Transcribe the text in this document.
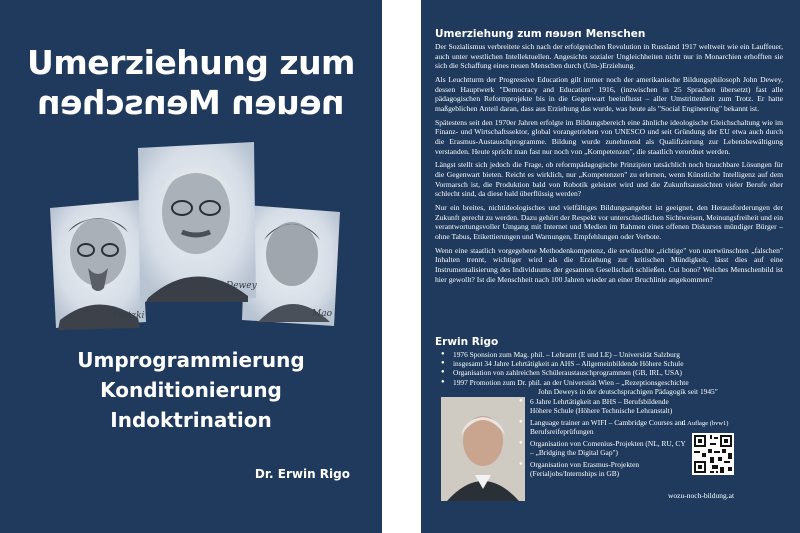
Umerziehung zum
neuen Menschen
Trotzki	Mao
Dewey
Umprogrammierung
Konditionierung
Indoktrination
Dr. Erwin Rigo
Umerziehung zum neuen Menschen

Der Sozialismus verbreitete sich nach der erfolgreichen Revolution in Russland 1917 weltweit wie ein Lauffeuer, auch unter westlichen Intellektuellen. Angesichts sozialer Ungleichheiten nicht nur in Monarchien erhofften sie sich die Schaffung eines neuen Menschen durch (Um-)Erziehung.

Als Leuchtturm der Progressive Education gilt immer noch der amerikanische Bildungsphilosoph John Dewey, dessen Hauptwerk "Democracy and Education" 1916, (inzwischen in 25 Sprachen übersetzt) fast alle pädagogischen Reformprojekte bis in die Gegenwart beeinflusst – aller Umstrittenheit zum Trotz. Er hatte maßgeblichen Anteil daran, dass aus Erziehung das wurde, was heute als "Social Engineering" bekannt ist.

Spätestens seit den 1970er Jahren erfolgte im Bildungsbereich eine ähnliche ideologische Gleichschaltung wie im Finanz- und Wirtschaftssektor, global vorangetrieben von UNESCO und seit Gründung der EU etwa auch durch die Erasmus-Austauschprogramme. Bildung wurde zunehmend als Qualifizierung zur Lebensbewältigung verstanden. Heute spricht man fast nur noch von „Kompetenzen", die staatlich verordnet werden.

Längst stellt sich jedoch die Frage, ob reformpädagogische Prinzipien tatsächlich noch brauchbare Lösungen für die Gegenwart bieten. Reicht es wirklich, nur „Kompetenzen" zu erlernen, wenn Künstliche Intelligenz auf dem Vormarsch ist, die Produktion bald von Robotik geleistet wird und die Zukunftsaussichten vieler Berufe eher schlecht sind, da diese bald überflüssig werden?

Nur ein breites, nichtideologisches und vielfältiges Bildungsangebot ist geeignet, den Herausforderungen der Zukunft gerecht zu werden. Dazu gehört der Respekt vor unterschiedlichen Sichtweisen, Meinungsfreiheit und ein verantwortungsvoller Umgang mit Internet und Medien im Rahmen eines offenen Diskurses mündiger Bürger – ohne Tabus, Etikettierungen und Warnungen, Empfehlungen oder Verbote.

Wenn eine staatlich vorgegebene Methodenkompetenz, die erwünschte „richtige" von unerwünschten „falschen" Inhalten trennt, wichtiger wird als die Erziehung zur kritischen Mündigkeit, lässt dies auf eine Instrumentalisierung des Individuums der gesamten Gesellschaft schließen. Cui bono? Welches Menschenbild ist hier gewollt? Ist die Menschheit nach 100 Jahren wieder an einer Bruchlinie angekommen?

Erwin Rigo
● 1976 Sponsion zum Mag. phil. – Lehramt (E und LE) – Universität Salzburg
● insgesamt 34 Jahre Lehrtätigkeit an AHS – Allgemeinbildende Höhere Schule
● Organisation von zahlreichen Schüleraustauschprogrammen (GB, IRL, USA)
● 1997 Promotion zum Dr. phil. an der Universität Wien – „Rezeptionsgeschichte
John Deweys in der deutschsprachigen Pädagogik seit 1945"
● 6 Jahre Lehrtätigkeit an BHS – Berufsbildende Höhere Schule (Höhere Technische Lehranstalt)
● Language trainer an WIFI – Cambridge Courses and Berufsreifeprüfungen
● Organisation von Comenius-Projekten (NL, RU, CY – „Bridging the Digital Gap")
● Organisation von Erasmus-Projekten (Ferialjobs/Internships in GB)
1. Auflage (bvw1)
wozu-noch-bildung.at
